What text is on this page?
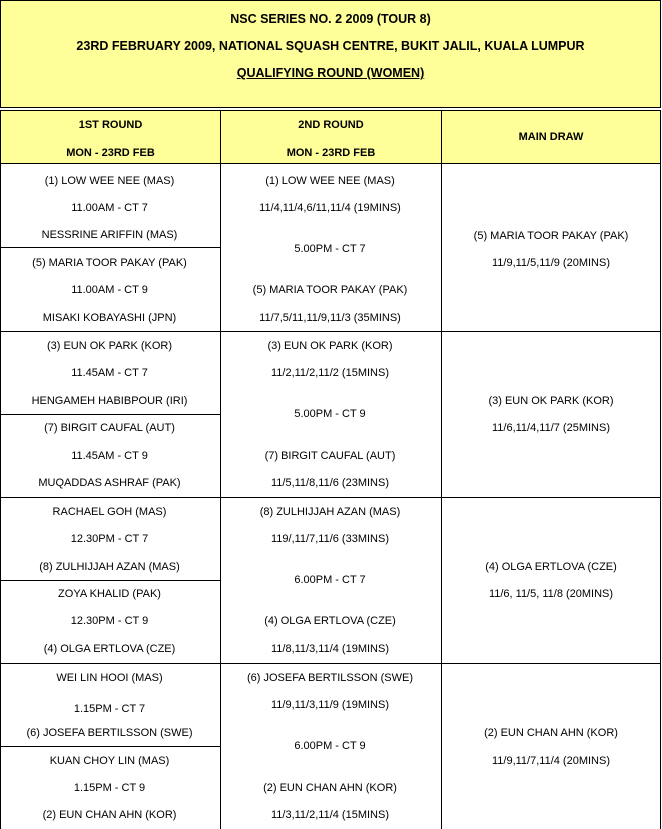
NSC SERIES NO. 2 2009 (TOUR 8)
23RD FEBRUARY 2009, NATIONAL SQUASH CENTRE, BUKIT JALIL, KUALA LUMPUR
QUALIFYING ROUND (WOMEN)
1ST ROUND
MON - 23RD FEB
2ND ROUND
MON - 23RD FEB
MAIN DRAW
(1) LOW WEE NEE (MAS)
11.00AM - CT 7
NESSRINE ARIFFIN (MAS)
(5) MARIA TOOR PAKAY (PAK)
11.00AM - CT 9
MISAKI KOBAYASHI (JPN)
(1) LOW WEE NEE (MAS)
11/4,11/4,6/11,11/4 (19MINS)
5.00PM - CT 7
(5) MARIA TOOR PAKAY (PAK)
11/7,5/11,11/9,11/3 (35MINS)
(5) MARIA TOOR PAKAY (PAK)
11/9,11/5,11/9 (20MINS)
(3) EUN OK PARK (KOR)
11.45AM - CT 7
HENGAMEH HABIBPOUR (IRI)
(7) BIRGIT CAUFAL (AUT)
11.45AM - CT 9
MUQADDAS ASHRAF (PAK)
(3) EUN OK PARK (KOR)
11/2,11/2,11/2 (15MINS)
5.00PM - CT 9
(7) BIRGIT CAUFAL (AUT)
11/5,11/8,11/6 (23MINS)
(3) EUN OK PARK (KOR)
11/6,11/4,11/7 (25MINS)
RACHAEL GOH (MAS)
12.30PM - CT 7
(8) ZULHIJJAH AZAN (MAS)
ZOYA KHALID (PAK)
12.30PM - CT 9
(4) OLGA ERTLOVA (CZE)
(8) ZULHIJJAH AZAN (MAS)
119/,11/7,11/6 (33MINS)
6.00PM - CT 7
(4) OLGA ERTLOVA (CZE)
11/8,11/3,11/4 (19MINS)
(4) OLGA ERTLOVA (CZE)
11/6, 11/5, 11/8 (20MINS)
WEI LIN HOOI (MAS)
1.15PM - CT 7
(6) JOSEFA BERTILSSON (SWE)
KUAN CHOY LIN (MAS)
1.15PM - CT 9
(2) EUN CHAN AHN (KOR)
(6) JOSEFA BERTILSSON (SWE)
11/9,11/3,11/9 (19MINS)
6.00PM - CT 9
(2) EUN CHAN AHN (KOR)
11/3,11/2,11/4 (15MINS)
(2) EUN CHAN AHN (KOR)
11/9,11/7,11/4 (20MINS)
